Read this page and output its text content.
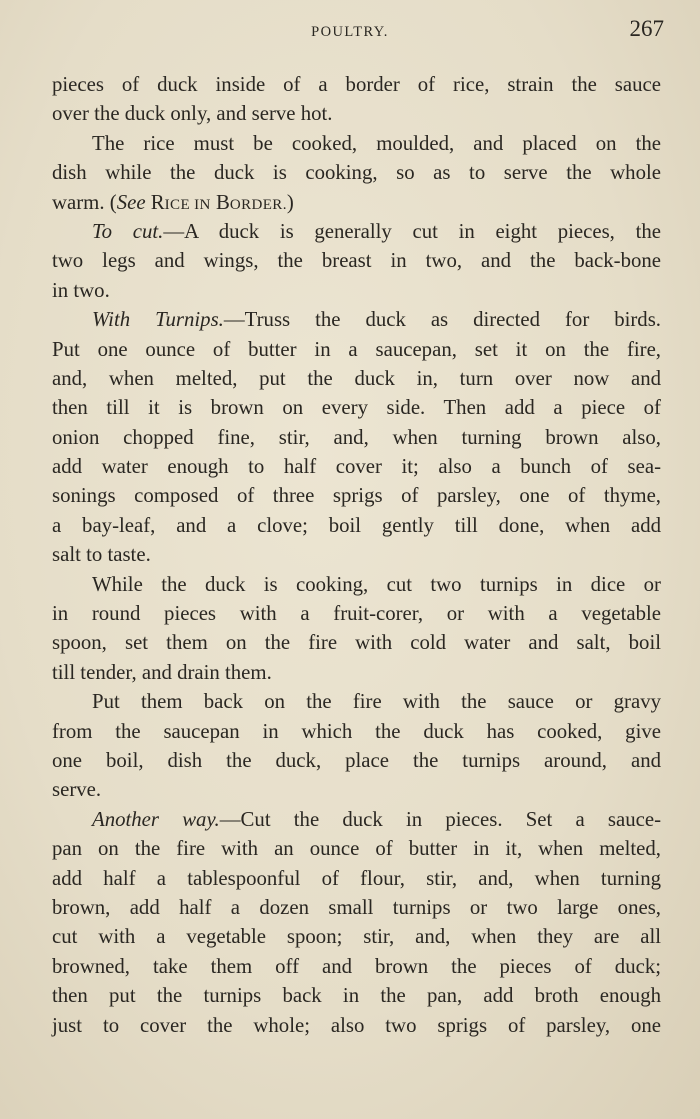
POULTRY.	267
pieces of duck inside of a border of rice, strain the sauce
over the duck only, and serve hot.
The rice must be cooked, moulded, and placed on the
dish while the duck is cooking, so as to serve the whole
warm. (See RICE IN BORDER.)
To cut.—A duck is generally cut in eight pieces, the
two legs and wings, the breast in two, and the back-bone
in two.
With Turnips.—Truss the duck as directed for birds.
Put one ounce of butter in a saucepan, set it on the fire,
and, when melted, put the duck in, turn over now and
then till it is brown on every side. Then add a piece of
onion chopped fine, stir, and, when turning brown also,
add water enough to half cover it; also a bunch of sea-
sonings composed of three sprigs of parsley, one of thyme,
a bay-leaf, and a clove; boil gently till done, when add
salt to taste.
While the duck is cooking, cut two turnips in dice or
in round pieces with a fruit-corer, or with a vegetable
spoon, set them on the fire with cold water and salt, boil
till tender, and drain them.
Put them back on the fire with the sauce or gravy
from the saucepan in which the duck has cooked, give
one boil, dish the duck, place the turnips around, and
serve.
Another way.—Cut the duck in pieces. Set a sauce-
pan on the fire with an ounce of butter in it, when melted,
add half a tablespoonful of flour, stir, and, when turning
brown, add half a dozen small turnips or two large ones,
cut with a vegetable spoon; stir, and, when they are all
browned, take them off and brown the pieces of duck;
then put the turnips back in the pan, add broth enough
just to cover the whole; also two sprigs of parsley, one
